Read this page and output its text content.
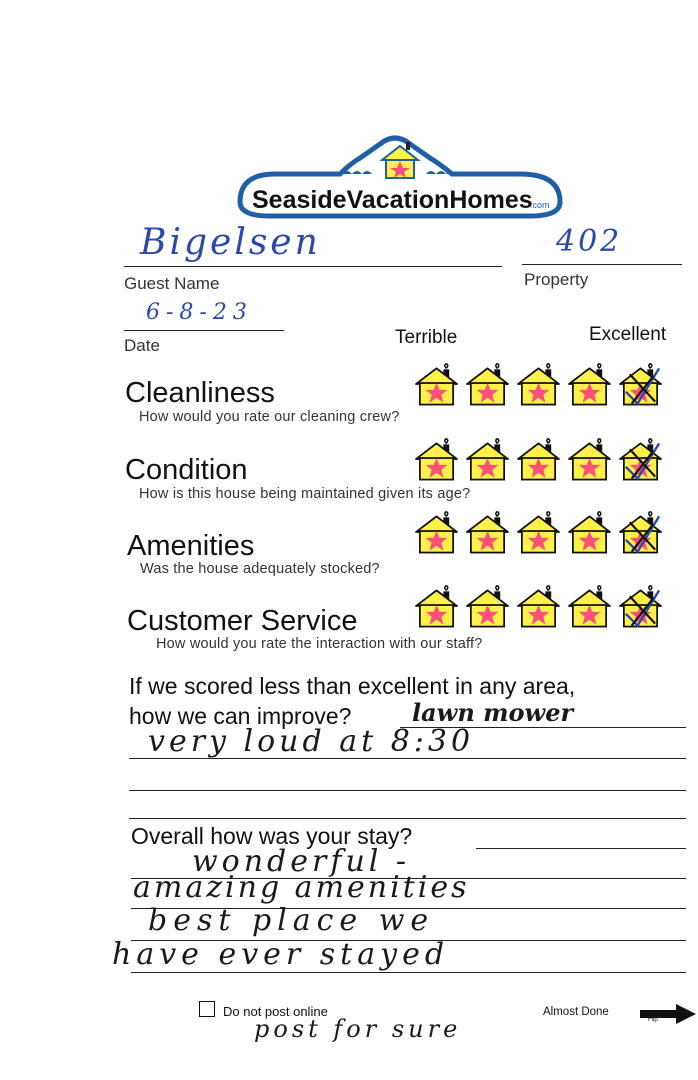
SeasideVacationHomes
.com
Bigelsen
Guest Name
402
Property
6-8-23
Date	Terrible	Excellent
Cleanliness
How would you rate our cleaning crew?
Condition
How is this house being maintained given its age?
Amenities
Was the house adequately stocked?
Customer Service
How would you rate the interaction with our staff?
If we scored less than excellent in any area,
how we can improve?	lawn mower
very loud at 8:30
Overall how was your stay?
wonderful -
amazing amenities
best place we
have ever stayed
Do not post online	Almost Done
Flip
post for sure
